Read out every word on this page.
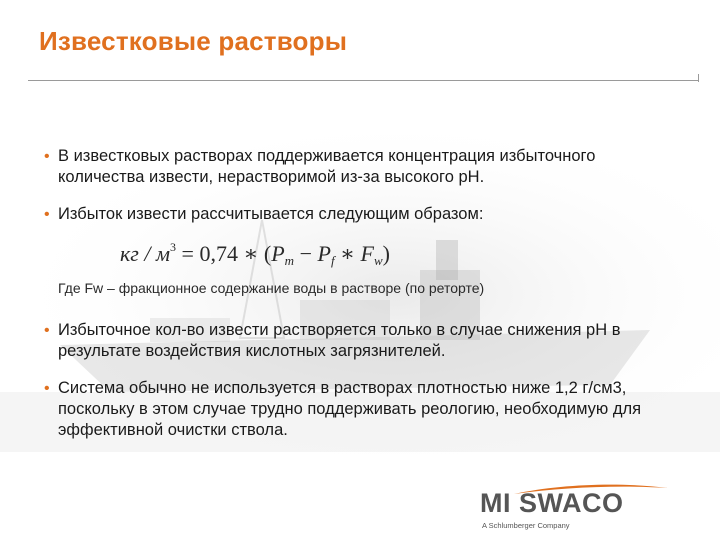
Известковые растворы
• В известковых растворах поддерживается концентрация избыточного количества извести, нерастворимой из-за высокого рН.
• Избыток извести рассчитывается следующим образом:
кг / $м^3 = 0,74$ ∗ ($P_m - P_f$ ∗ $F_w$)
Где Fw – фракционное содержание воды в растворе (по реторте)
• Избыточное кол-во извести растворяется только в случае снижения рН в результате воздействия кислотных загрязнителей.
• Система обычно не используется в растворах плотностью ниже 1,2 г/см3, поскольку в этом случае трудно поддерживать реологию, необходимую для эффективной очистки ствола.
MI SWACO
A Schlumberger Company
